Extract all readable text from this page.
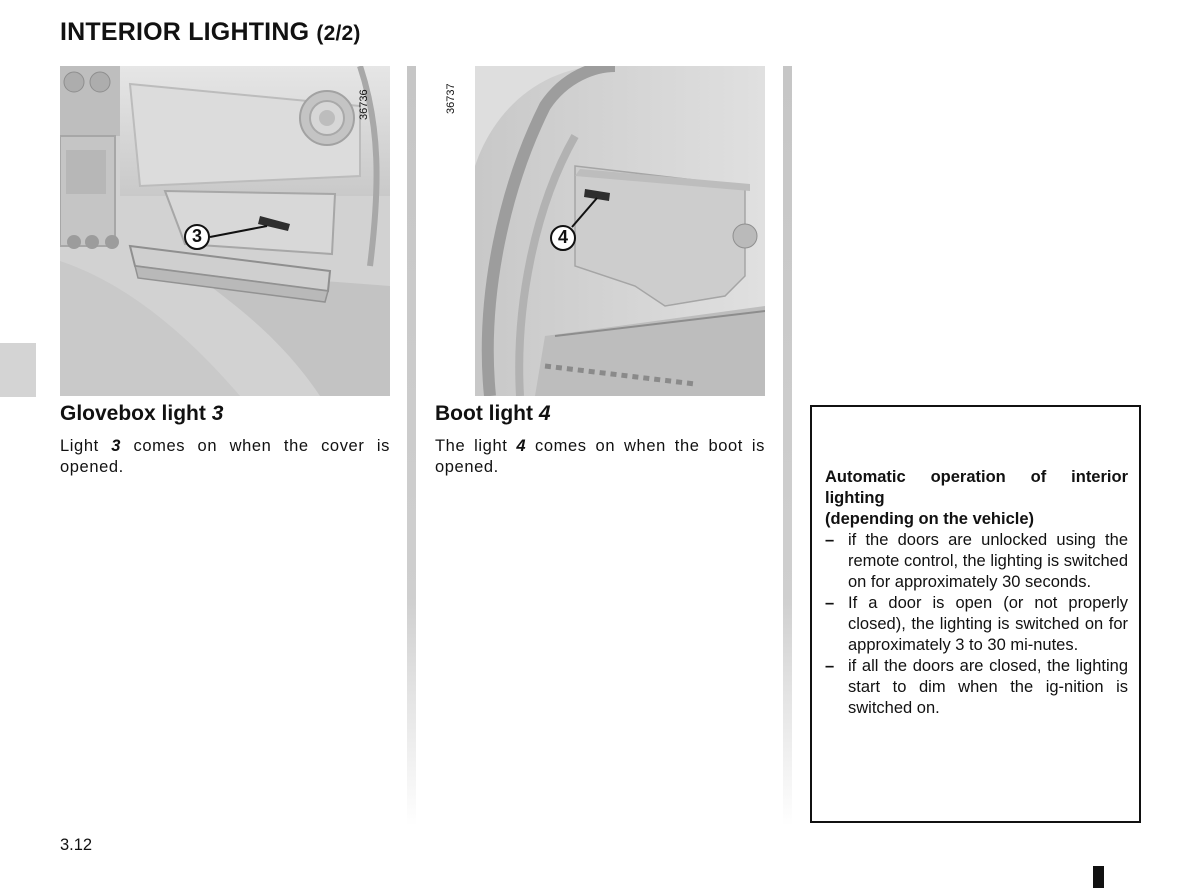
INTERIOR LIGHTING (2/2)
3
36736
4
36737
Glovebox light 3

Light 3 comes on when the cover is opened.

Boot light 4

The light 4 comes on when the boot is opened.

Automatic operation of interior lighting
(depending on the vehicle)
– if the doors are unlocked using the remote control, the lighting is switched on for approximately 30 seconds.
– If a door is open (or not properly closed), the lighting is switched on for approximately 3 to 30 mi-nutes.
– if all the doors are closed, the lighting start to dim when the ig-nition is switched on.
3.12
